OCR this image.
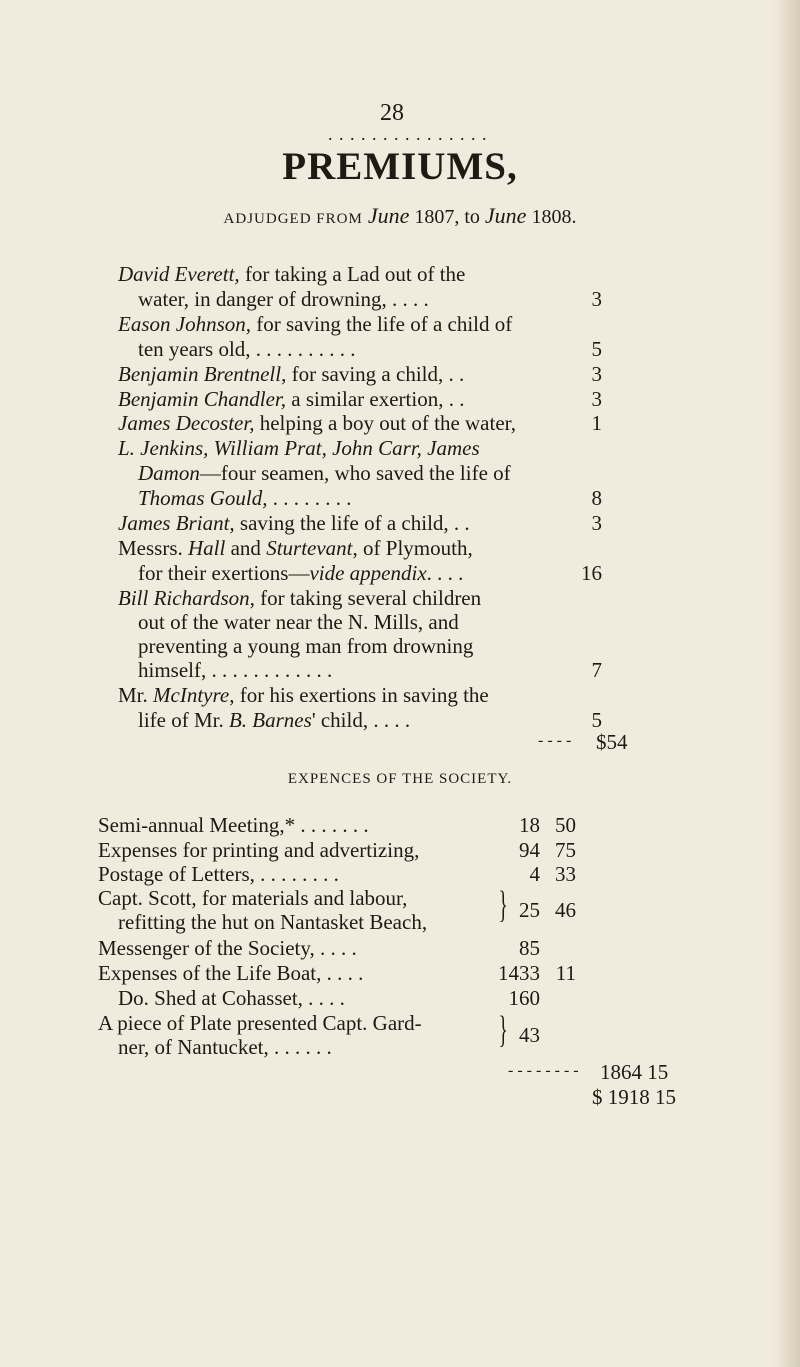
28
. . . . . . . . . . . . . . .
PREMIUMS,
ADJUDGED FROM June 1807, to June 1808.
David Everett, for taking a Lad out of the
water, in danger of drowning, . . . .	3
Eason Johnson, for saving the life of a child of
ten years old, . . . . . . . . . .	5
Benjamin Brentnell, for saving a child, . .	3
Benjamin Chandler, a similar exertion, . .	3
James Decoster, helping a boy out of the water,	1
L. Jenkins, William Prat, John Carr, James
Damon—four seamen, who saved the life of
Thomas Gould, . . . . . . . .	8
James Briant, saving the life of a child, . .	3
Messrs. Hall and Sturtevant, of Plymouth,
for their exertions—vide appendix. . . .	16
Bill Richardson, for taking several children
out of the water near the N. Mills, and
preventing a young man from drowning
himself, . . . . . . . . . . . .	7
Mr. McIntyre, for his exertions in saving the
life of Mr. B. Barnes' child, . . . .	5
- - - - $54
EXPENCES OF THE SOCIETY.
Semi-annual Meeting,* . . . . . . .	18 50
Expenses for printing and advertizing,	94 75
Postage of Letters, . . . . . . . .	4 33
Capt. Scott, for materials and labour,
refitting the hut on Nantasket Beach, } 25 46
Messenger of the Society, . . . .	85
Expenses of the Life Boat, . . . .	1433 11
Do. Shed at Cohasset, . . . .	160
A piece of Plate presented Capt. Gard-
ner, of Nantucket, . . . . . .	} 43
- - - - - - - - 1864 15
$ 1918 15
